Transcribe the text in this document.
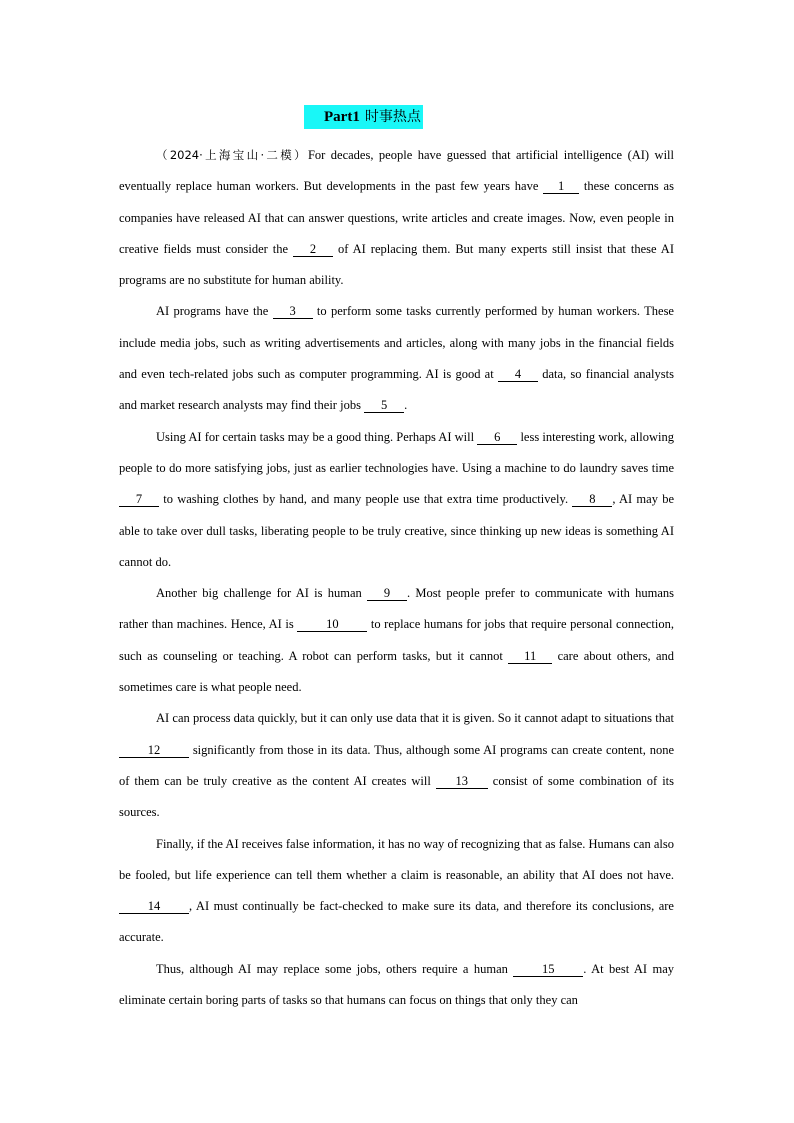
Part1 时事热点

（2024·上海宝山·二模）For decades, people have guessed that artificial intelligence (AI) will eventually replace human workers. But developments in the past few years have 1 these concerns as companies have released AI that can answer questions, write articles and create images. Now, even people in creative fields must consider the 2 of AI replacing them. But many experts still insist that these AI programs are no substitute for human ability.

AI programs have the 3 to perform some tasks currently performed by human workers. These include media jobs, such as writing advertisements and articles, along with many jobs in the financial fields and even tech-related jobs such as computer programming. AI is good at 4 data, so financial analysts and market research analysts may find their jobs 5 .

Using AI for certain tasks may be a good thing. Perhaps AI will 6 less interesting work, allowing people to do more satisfying jobs, just as earlier technologies have. Using a machine to do laundry saves time 7 to washing clothes by hand, and many people use that extra time productively. 8 , AI may be able to take over dull tasks, liberating people to be truly creative, since thinking up new ideas is something AI cannot do.

Another big challenge for AI is human 9 . Most people prefer to communicate with humans rather than machines. Hence, AI is 10 to replace humans for jobs that require personal connection, such as counseling or teaching. A robot can perform tasks, but it cannot 11 care about others, and sometimes care is what people need.

AI can process data quickly, but it can only use data that it is given. So it cannot adapt to situations that 12 significantly from those in its data. Thus, although some AI programs can create content, none of them can be truly creative as the content AI creates will 13 consist of some combination of its sources.

Finally, if the AI receives false information, it has no way of recognizing that as false. Humans can also be fooled, but life experience can tell them whether a claim is reasonable, an ability that AI does not have. 14 , AI must continually be fact-checked to make sure its data, and therefore its conclusions, are accurate.

Thus, although AI may replace some jobs, others require a human 15 . At best AI may eliminate certain boring parts of tasks so that humans can focus on things that only they can
